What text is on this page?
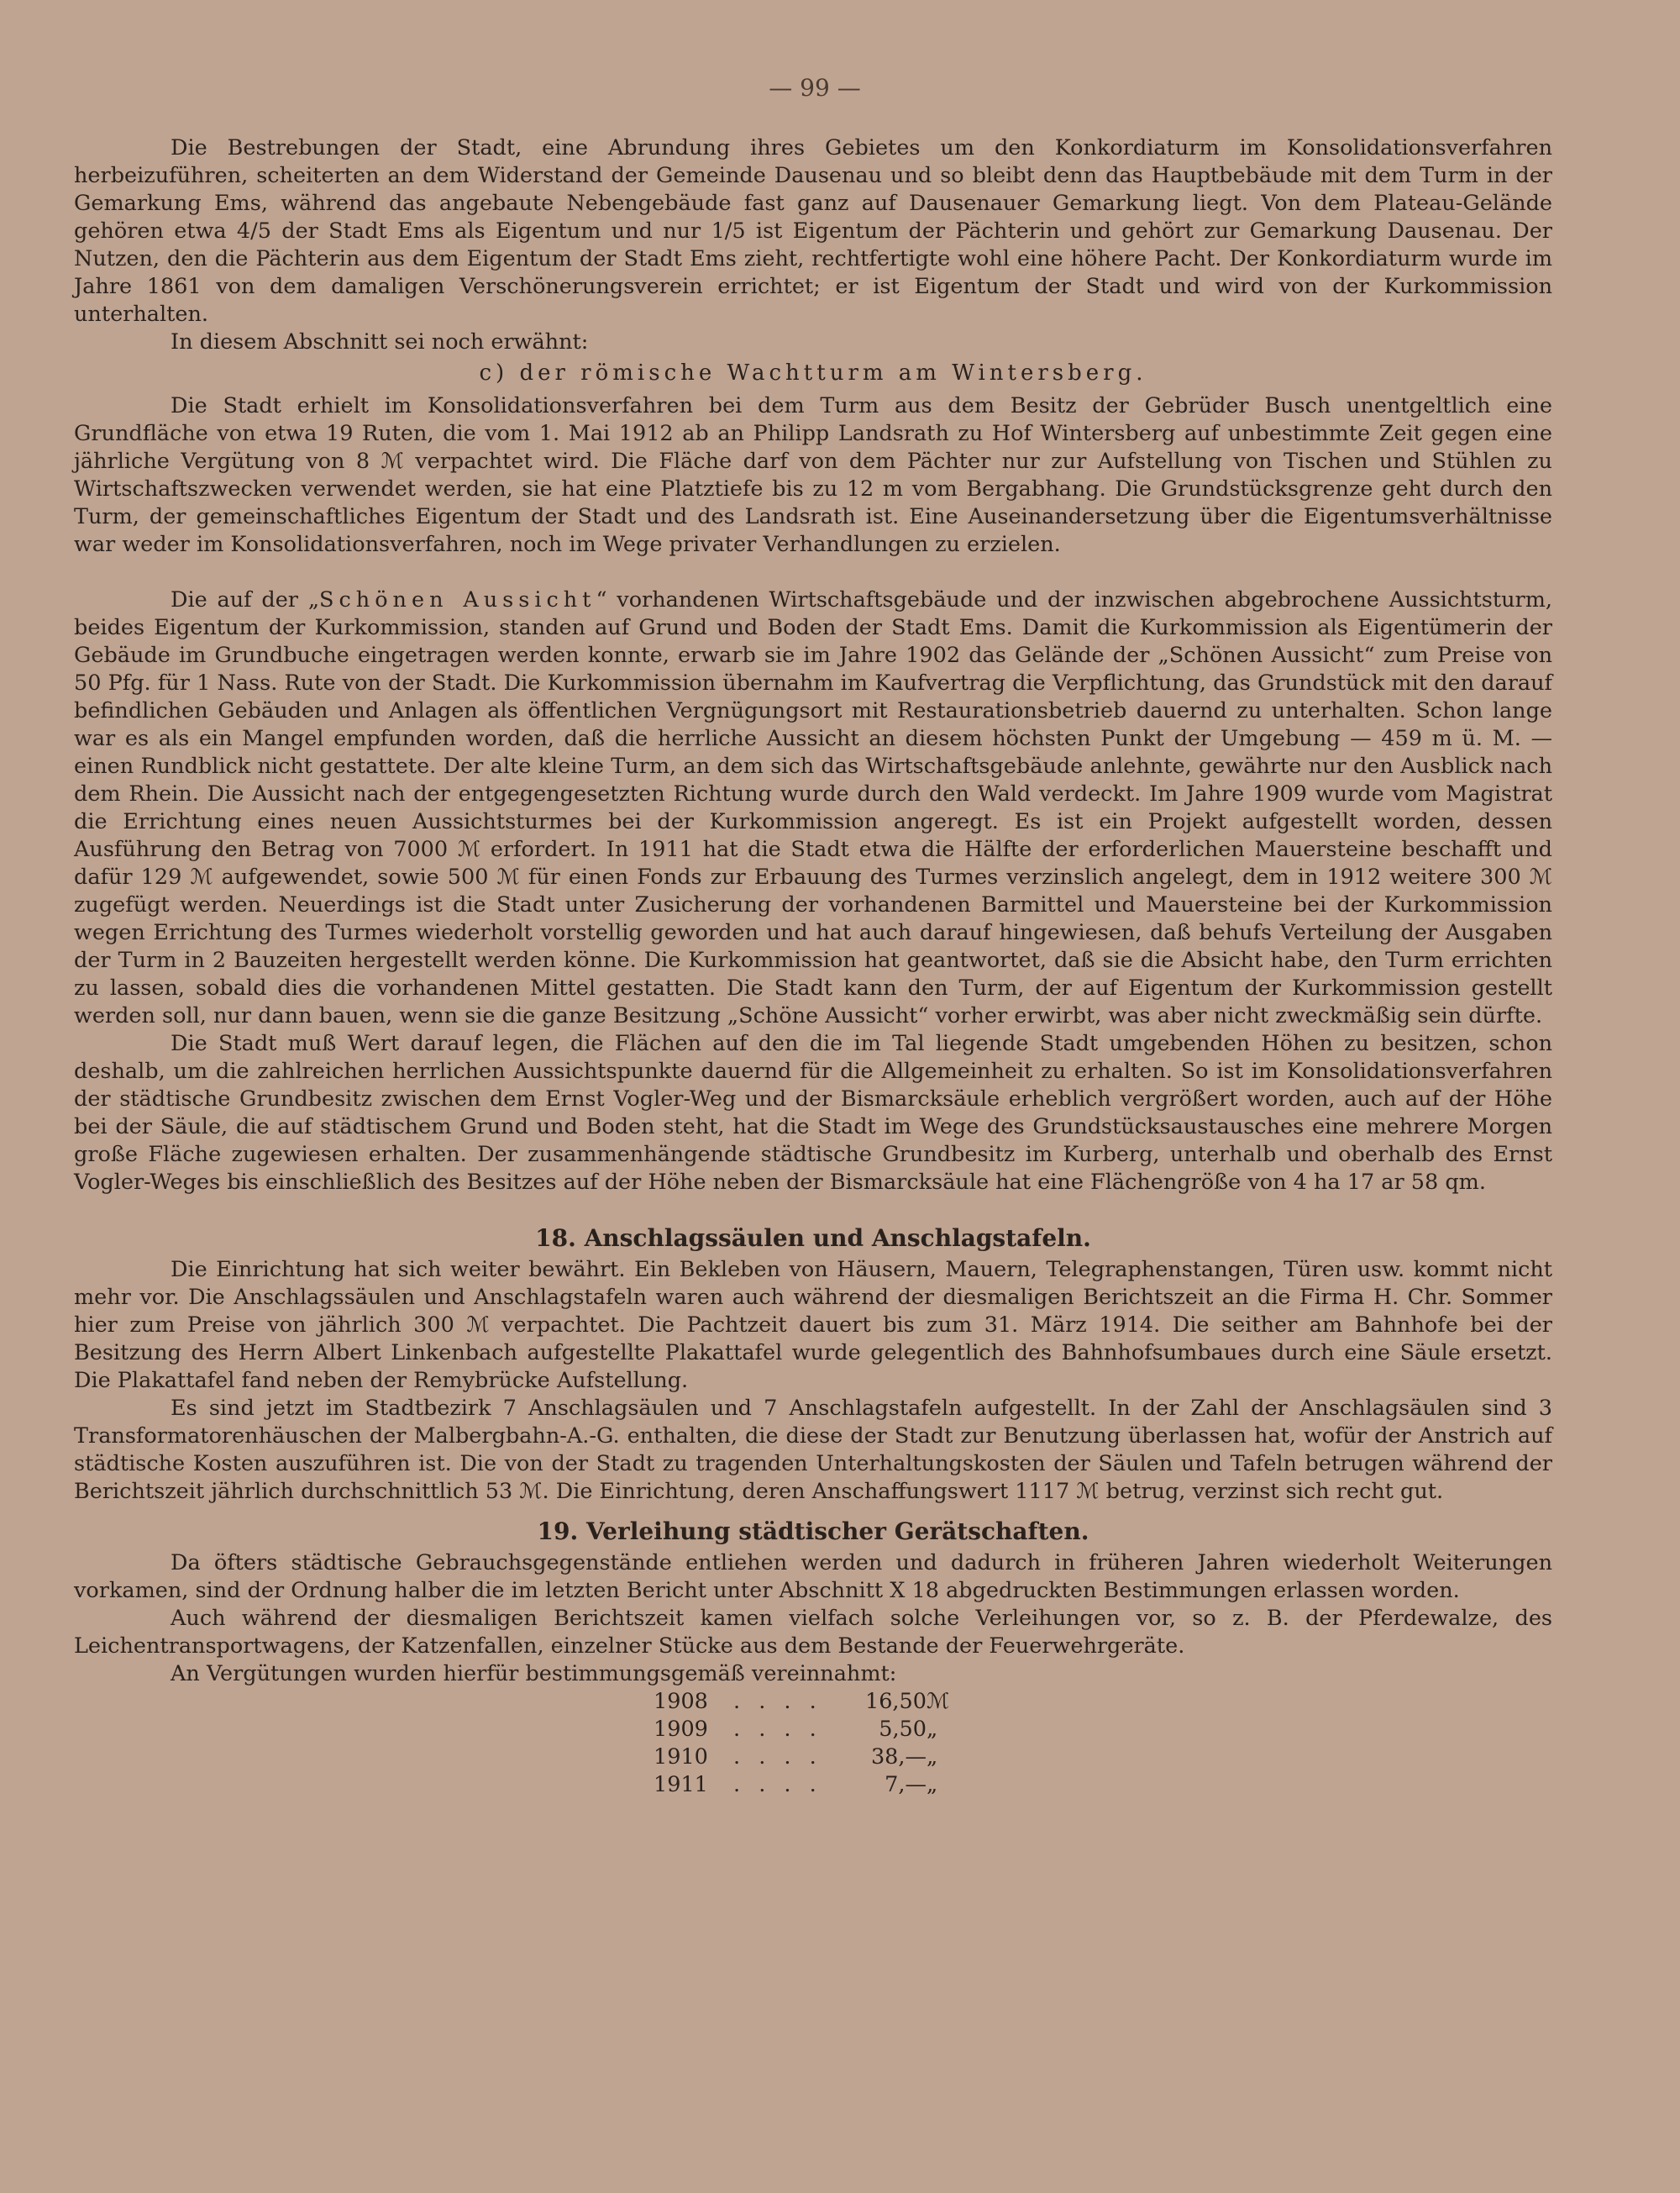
— 99 —

Die Bestrebungen der Stadt, eine Abrundung ihres Gebietes um den Konkordiaturm im Konsolidationsverfahren herbeizuführen, scheiterten an dem Widerstand der Gemeinde Dausenau und so bleibt denn das Hauptbebäude mit dem Turm in der Gemarkung Ems, während das angebaute Nebengebäude fast ganz auf Dausenauer Gemarkung liegt. Von dem Plateau-Gelände gehören etwa 4/5 der Stadt Ems als Eigentum und nur 1/5 ist Eigentum der Pächterin und gehört zur Gemarkung Dausenau. Der Nutzen, den die Pächterin aus dem Eigentum der Stadt Ems zieht, rechtfertigte wohl eine höhere Pacht. Der Konkordiaturm wurde im Jahre 1861 von dem damaligen Verschönerungsverein errichtet; er ist Eigentum der Stadt und wird von der Kurkommission unterhalten.

In diesem Abschnitt sei noch erwähnt:

c) der römische Wachtturm am Wintersberg.

Die Stadt erhielt im Konsolidationsverfahren bei dem Turm aus dem Besitz der Gebrüder Busch unentgeltlich eine Grundfläche von etwa 19 Ruten, die vom 1. Mai 1912 ab an Philipp Landsrath zu Hof Wintersberg auf unbestimmte Zeit gegen eine jährliche Vergütung von 8 ℳ verpachtet wird. Die Fläche darf von dem Pächter nur zur Aufstellung von Tischen und Stühlen zu Wirtschaftszwecken verwendet werden, sie hat eine Platztiefe bis zu 12 m vom Bergabhang. Die Grundstücksgrenze geht durch den Turm, der gemeinschaftliches Eigentum der Stadt und des Landsrath ist. Eine Auseinandersetzung über die Eigentumsverhältnisse war weder im Konsolidationsverfahren, noch im Wege privater Verhandlungen zu erzielen.

Die auf der „Schönen Aussicht“ vorhandenen Wirtschaftsgebäude und der inzwischen abgebrochene Aussichtsturm, beides Eigentum der Kurkommission, standen auf Grund und Boden der Stadt Ems. Damit die Kurkommission als Eigentümerin der Gebäude im Grundbuche eingetragen werden konnte, erwarb sie im Jahre 1902 das Gelände der „Schönen Aussicht“ zum Preise von 50 Pfg. für 1 Nass. Rute von der Stadt. Die Kurkommission übernahm im Kaufvertrag die Verpflichtung, das Grundstück mit den darauf befindlichen Gebäuden und Anlagen als öffentlichen Vergnügungsort mit Restaurationsbetrieb dauernd zu unterhalten. Schon lange war es als ein Mangel empfunden worden, daß die herrliche Aussicht an diesem höchsten Punkt der Umgebung — 459 m ü. M. — einen Rundblick nicht gestattete. Der alte kleine Turm, an dem sich das Wirtschaftsgebäude anlehnte, gewährte nur den Ausblick nach dem Rhein. Die Aussicht nach der entgegengesetzten Richtung wurde durch den Wald verdeckt. Im Jahre 1909 wurde vom Magistrat die Errichtung eines neuen Aussichtsturmes bei der Kurkommission angeregt. Es ist ein Projekt aufgestellt worden, dessen Ausführung den Betrag von 7000 ℳ erfordert. In 1911 hat die Stadt etwa die Hälfte der erforderlichen Mauersteine beschafft und dafür 129 ℳ aufgewendet, sowie 500 ℳ für einen Fonds zur Erbauung des Turmes verzinslich angelegt, dem in 1912 weitere 300 ℳ zugefügt werden. Neuerdings ist die Stadt unter Zusicherung der vorhandenen Barmittel und Mauersteine bei der Kurkommission wegen Errichtung des Turmes wiederholt vorstellig geworden und hat auch darauf hingewiesen, daß behufs Verteilung der Ausgaben der Turm in 2 Bauzeiten hergestellt werden könne. Die Kurkommission hat geantwortet, daß sie die Absicht habe, den Turm errichten zu lassen, sobald dies die vorhandenen Mittel gestatten. Die Stadt kann den Turm, der auf Eigentum der Kurkommission gestellt werden soll, nur dann bauen, wenn sie die ganze Besitzung „Schöne Aussicht“ vorher erwirbt, was aber nicht zweckmäßig sein dürfte.

Die Stadt muß Wert darauf legen, die Flächen auf den die im Tal liegende Stadt umgebenden Höhen zu besitzen, schon deshalb, um die zahlreichen herrlichen Aussichtspunkte dauernd für die Allgemeinheit zu erhalten. So ist im Konsolidationsverfahren der städtische Grundbesitz zwischen dem Ernst Vogler-Weg und der Bismarcksäule erheblich vergrößert worden, auch auf der Höhe bei der Säule, die auf städtischem Grund und Boden steht, hat die Stadt im Wege des Grundstücksaustausches eine mehrere Morgen große Fläche zugewiesen erhalten. Der zusammenhängende städtische Grundbesitz im Kurberg, unterhalb und oberhalb des Ernst Vogler-Weges bis einschließlich des Besitzes auf der Höhe neben der Bismarcksäule hat eine Flächengröße von 4 ha 17 ar 58 qm.

18. Anschlagssäulen und Anschlagstafeln.

Die Einrichtung hat sich weiter bewährt. Ein Bekleben von Häusern, Mauern, Telegraphenstangen, Türen usw. kommt nicht mehr vor. Die Anschlagssäulen und Anschlagstafeln waren auch während der diesmaligen Berichtszeit an die Firma H. Chr. Sommer hier zum Preise von jährlich 300 ℳ verpachtet. Die Pachtzeit dauert bis zum 31. März 1914. Die seither am Bahnhofe bei der Besitzung des Herrn Albert Linkenbach aufgestellte Plakattafel wurde gelegentlich des Bahnhofsumbaues durch eine Säule ersetzt. Die Plakattafel fand neben der Remybrücke Aufstellung.

Es sind jetzt im Stadtbezirk 7 Anschlagsäulen und 7 Anschlagstafeln aufgestellt. In der Zahl der Anschlagsäulen sind 3 Transformatorenhäuschen der Malbergbahn-A.-G. enthalten, die diese der Stadt zur Benutzung überlassen hat, wofür der Anstrich auf städtische Kosten auszuführen ist. Die von der Stadt zu tragenden Unterhaltungskosten der Säulen und Tafeln betrugen während der Berichtszeit jährlich durchschnittlich 53 ℳ. Die Einrichtung, deren Anschaffungswert 1117 ℳ betrug, verzinst sich recht gut.

19. Verleihung städtischer Gerätschaften.

Da öfters städtische Gebrauchsgegenstände entliehen werden und dadurch in früheren Jahren wiederholt Weiterungen vorkamen, sind der Ordnung halber die im letzten Bericht unter Abschnitt X 18 abgedruckten Bestimmungen erlassen worden.

Auch während der diesmaligen Berichtszeit kamen vielfach solche Verleihungen vor, so z. B. der Pferdewalze, des Leichentransportwagens, der Katzenfallen, einzelner Stücke aus dem Bestande der Feuerwehrgeräte.

An Vergütungen wurden hierfür bestimmungsgemäß vereinnahmt:

1908	. . . .	16,50	ℳ
1909	. . . .	5,50	„
1910	. . . .	38,—	„
1911	. . . .	7,—	„
